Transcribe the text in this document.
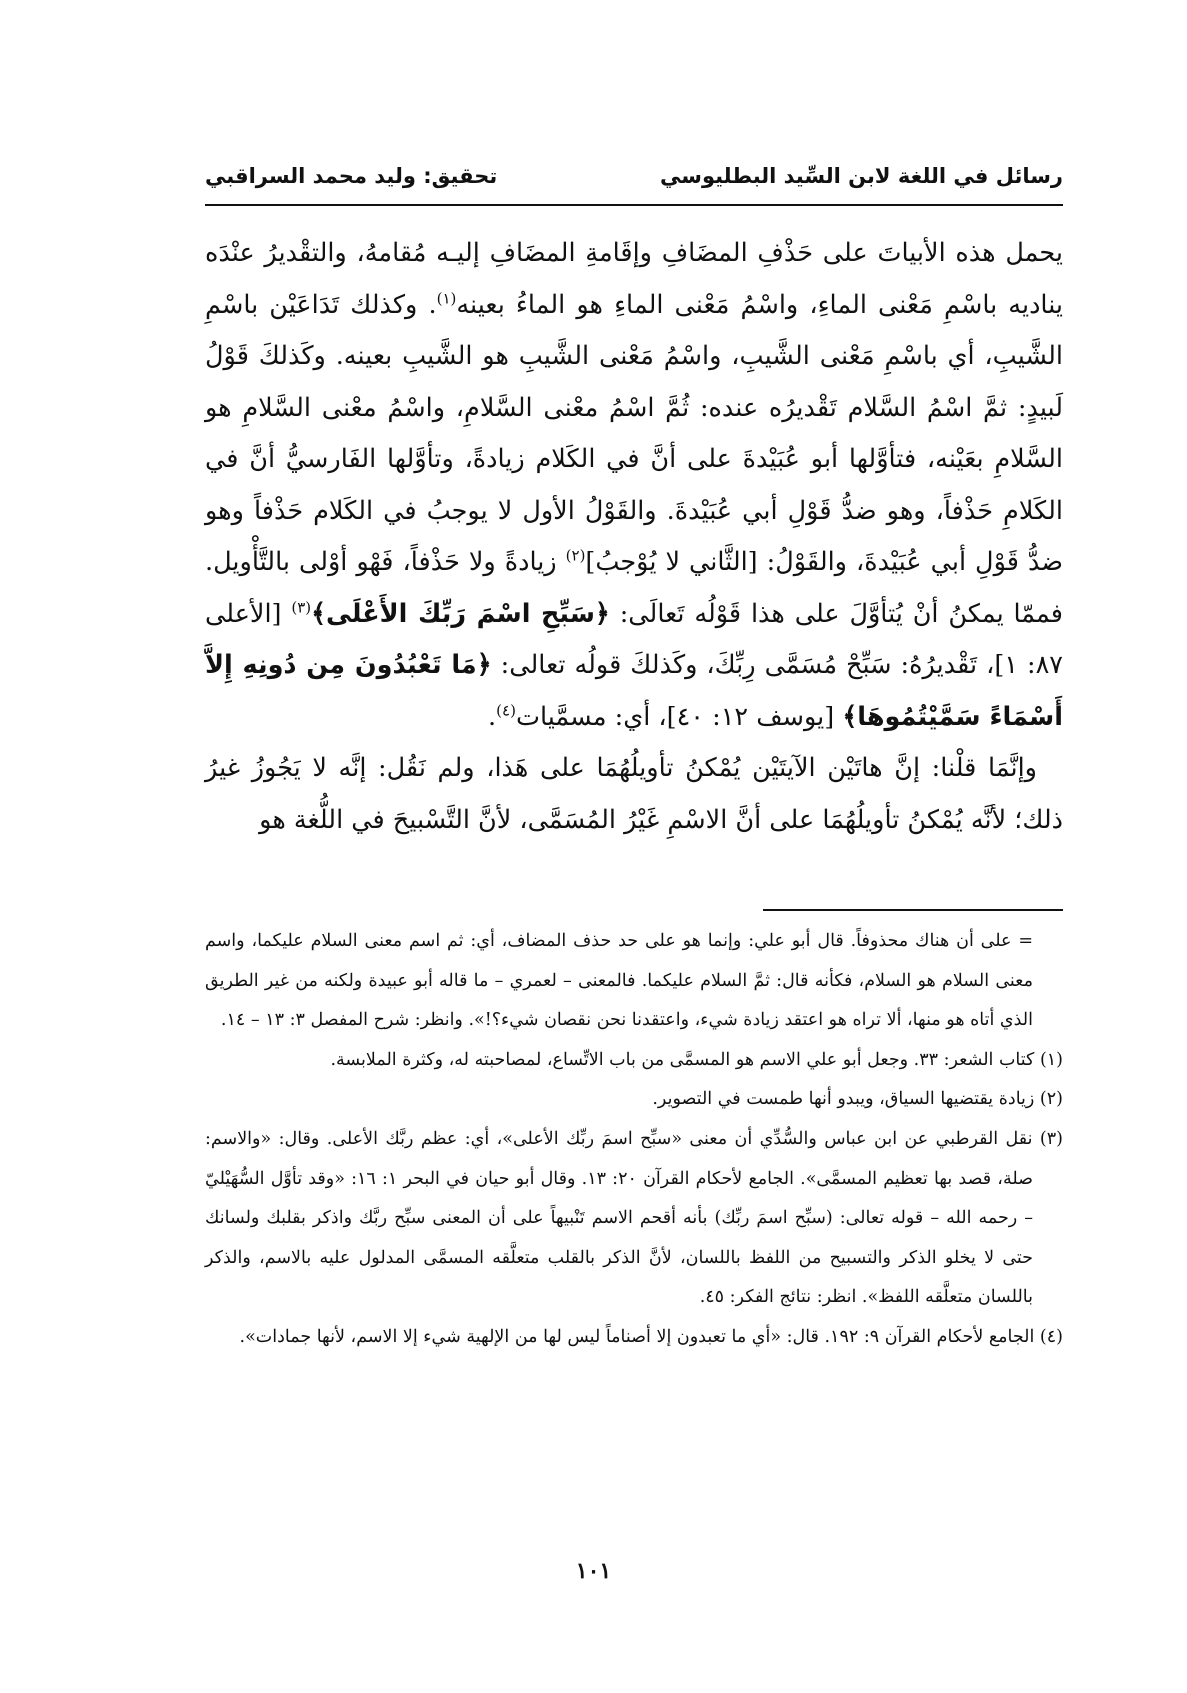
رسائل في اللغة لابن السِّيد البطليوسي
تحقيق: وليد محمد السراقبي

يحمل هذه الأبياتَ على حَذْفِ المضَافِ وإقَامةِ المضَافِ إليـه مُقامهُ، والتقْديرُ عنْدَه يناديه باسْمِ مَعْنى الماءِ، واسْمُ مَعْنى الماءِ هو الماءُ بعينه$^{(١)}$. وكذلك تَدَاعَيْن باسْمِ الشَّيبِ، أي باسْمِ مَعْنى الشَّيبِ، واسْمُ مَعْنى الشَّيبِ هو الشَّيبِ بعينه. وكَذلكَ قَوْلُ لَبيدٍ: ثمَّ اسْمُ السَّلام تَقْديرُه عنده: ثُمَّ اسْمُ معْنى السَّلامِ، واسْمُ معْنى السَّلامِ هو السَّلامِ بعَيْنه، فتأوَّلها أبو عُبَيْدةَ على أنَّ في الكَلام زيادةً، وتأوَّلها الفَارسيُّ أنَّ في الكَلامِ حَذْفاً، وهو ضدُّ قَوْلِ أبي عُبَيْدةَ. والقَوْلُ الأول لا يوجبُ في الكَلام حَذْفاً وهو ضدُّ قَوْلِ أبي عُبَيْدةَ، والقَوْلُ: [الثَّاني لا يُوْجبُ]$^{(٢)}$ زيادةً ولا حَذْفاً، فَهْو أوْلى بالتَّأْويل. فممّا يمكنُ أنْ يُتأوَّلَ على هذا قَوْلُه تَعالَى: ﴿سَبِّحِ اسْمَ رَبِّكَ الأَعْلَى﴾$^{(٣)}$ [الأعلى ٨٧: ١]، تَقْديرُهُ: سَبِّحْ مُسَمَّى رِبِّكَ، وكَذلكَ قولُه تعالى: ﴿مَا تَعْبُدُونَ مِن دُونِهِ إِلاَّ أَسْمَاءً سَمَّيْتُمُوهَا﴾ [يوسف ١٢: ٤٠]، أي: مسمَّيات$^{(٤)}$.

وإنَّمَا قلْنا: إنَّ هاتَيْن الآيتَيْن يُمْكنُ تأويلُهُمَا على هَذا، ولم نَقُل: إنَّه لا يَجُوزُ غيرُ ذلك؛ لأنَّه يُمْكنُ تأويلُهُمَا على أنَّ الاسْمِ غَيْرُ المُسَمَّى، لأنَّ التَّسْبيحَ في اللُّغة هو

= على أن هناك محذوفاً. قال أبو علي: وإنما هو على حد حذف المضاف، أي: ثم اسم معنى السلام عليكما، واسم معنى السلام هو السلام، فكأنه قال: ثمَّ السلام عليكما. فالمعنى – لعمري – ما قاله أبو عبيدة ولكنه من غير الطريق الذي أتاه هو منها، ألا تراه هو اعتقد زيادة شيء، واعتقدنا نحن نقصان شيء؟!». وانظر: شرح المفصل ٣: ١٣ – ١٤.

(١) كتاب الشعر: ٣٣. وجعل أبو علي الاسم هو المسمَّى من باب الاتِّساع، لمصاحبته له، وكثرة الملابسة.

(٢) زيادة يقتضيها السياق، ويبدو أنها طمست في التصوير.

(٣) نقل القرطبي عن ابن عباس والسُّدِّي أن معنى «سبِّح اسمَ ربِّك الأعلى»، أي: عظم ربَّك الأعلى. وقال: «والاسم: صلة، قصد بها تعظيم المسمَّى». الجامع لأحكام القرآن ٢٠: ١٣. وقال أبو حيان في البحر ١: ١٦: «وقد تأوَّل السُّهَيْليّ – رحمه الله – قوله تعالى: (سبِّح اسمَ ربِّك) بأنه أقحم الاسم تَنْبيهاً على أن المعنى سبِّح ربَّك واذكر بقلبك ولسانك حتى لا يخلو الذكر والتسبيح من اللفظ باللسان، لأنَّ الذكر بالقلب متعلَّقه المسمَّى المدلول عليه بالاسم، والذكر باللسان متعلَّقه اللفظ». انظر: نتائج الفكر: ٤٥.

(٤) الجامع لأحكام القرآن ٩: ١٩٢. قال: «أي ما تعبدون إلا أصناماً ليس لها من الإلهية شيء إلا الاسم، لأنها جمادات».

١٠١
